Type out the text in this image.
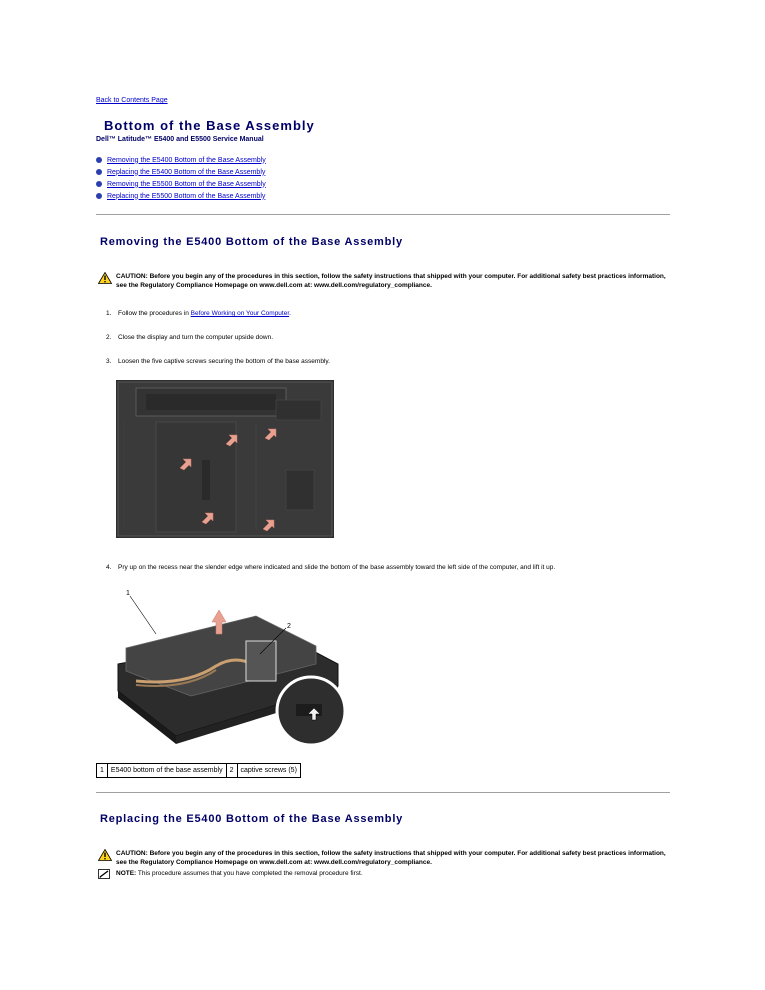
Back to Contents Page
Bottom of the Base Assembly
Dell™ Latitude™ E5400 and E5500 Service Manual
Removing the E5400 Bottom of the Base Assembly
Replacing the E5400 Bottom of the Base Assembly
Removing the E5500 Bottom of the Base Assembly
Replacing the E5500 Bottom of the Base Assembly
Removing the E5400 Bottom of the Base Assembly
CAUTION: Before you begin any of the procedures in this section, follow the safety instructions that shipped with your computer. For additional safety best practices information, see the Regulatory Compliance Homepage on www.dell.com at: www.dell.com/regulatory_compliance.
1.	Follow the procedures in Before Working on Your Computer.
2.	Close the display and turn the computer upside down.
3.	Loosen the five captive screws securing the bottom of the base assembly.
4.	Pry up on the recess near the slender edge where indicated and slide the bottom of the base assembly toward the left side of the computer, and lift it up.
1
2
1	E5400 bottom of the base assembly	2	captive screws (5)
Replacing the E5400 Bottom of the Base Assembly
CAUTION: Before you begin any of the procedures in this section, follow the safety instructions that shipped with your computer. For additional safety best practices information, see the Regulatory Compliance Homepage on www.dell.com at: www.dell.com/regulatory_compliance.
NOTE: This procedure assumes that you have completed the removal procedure first.
